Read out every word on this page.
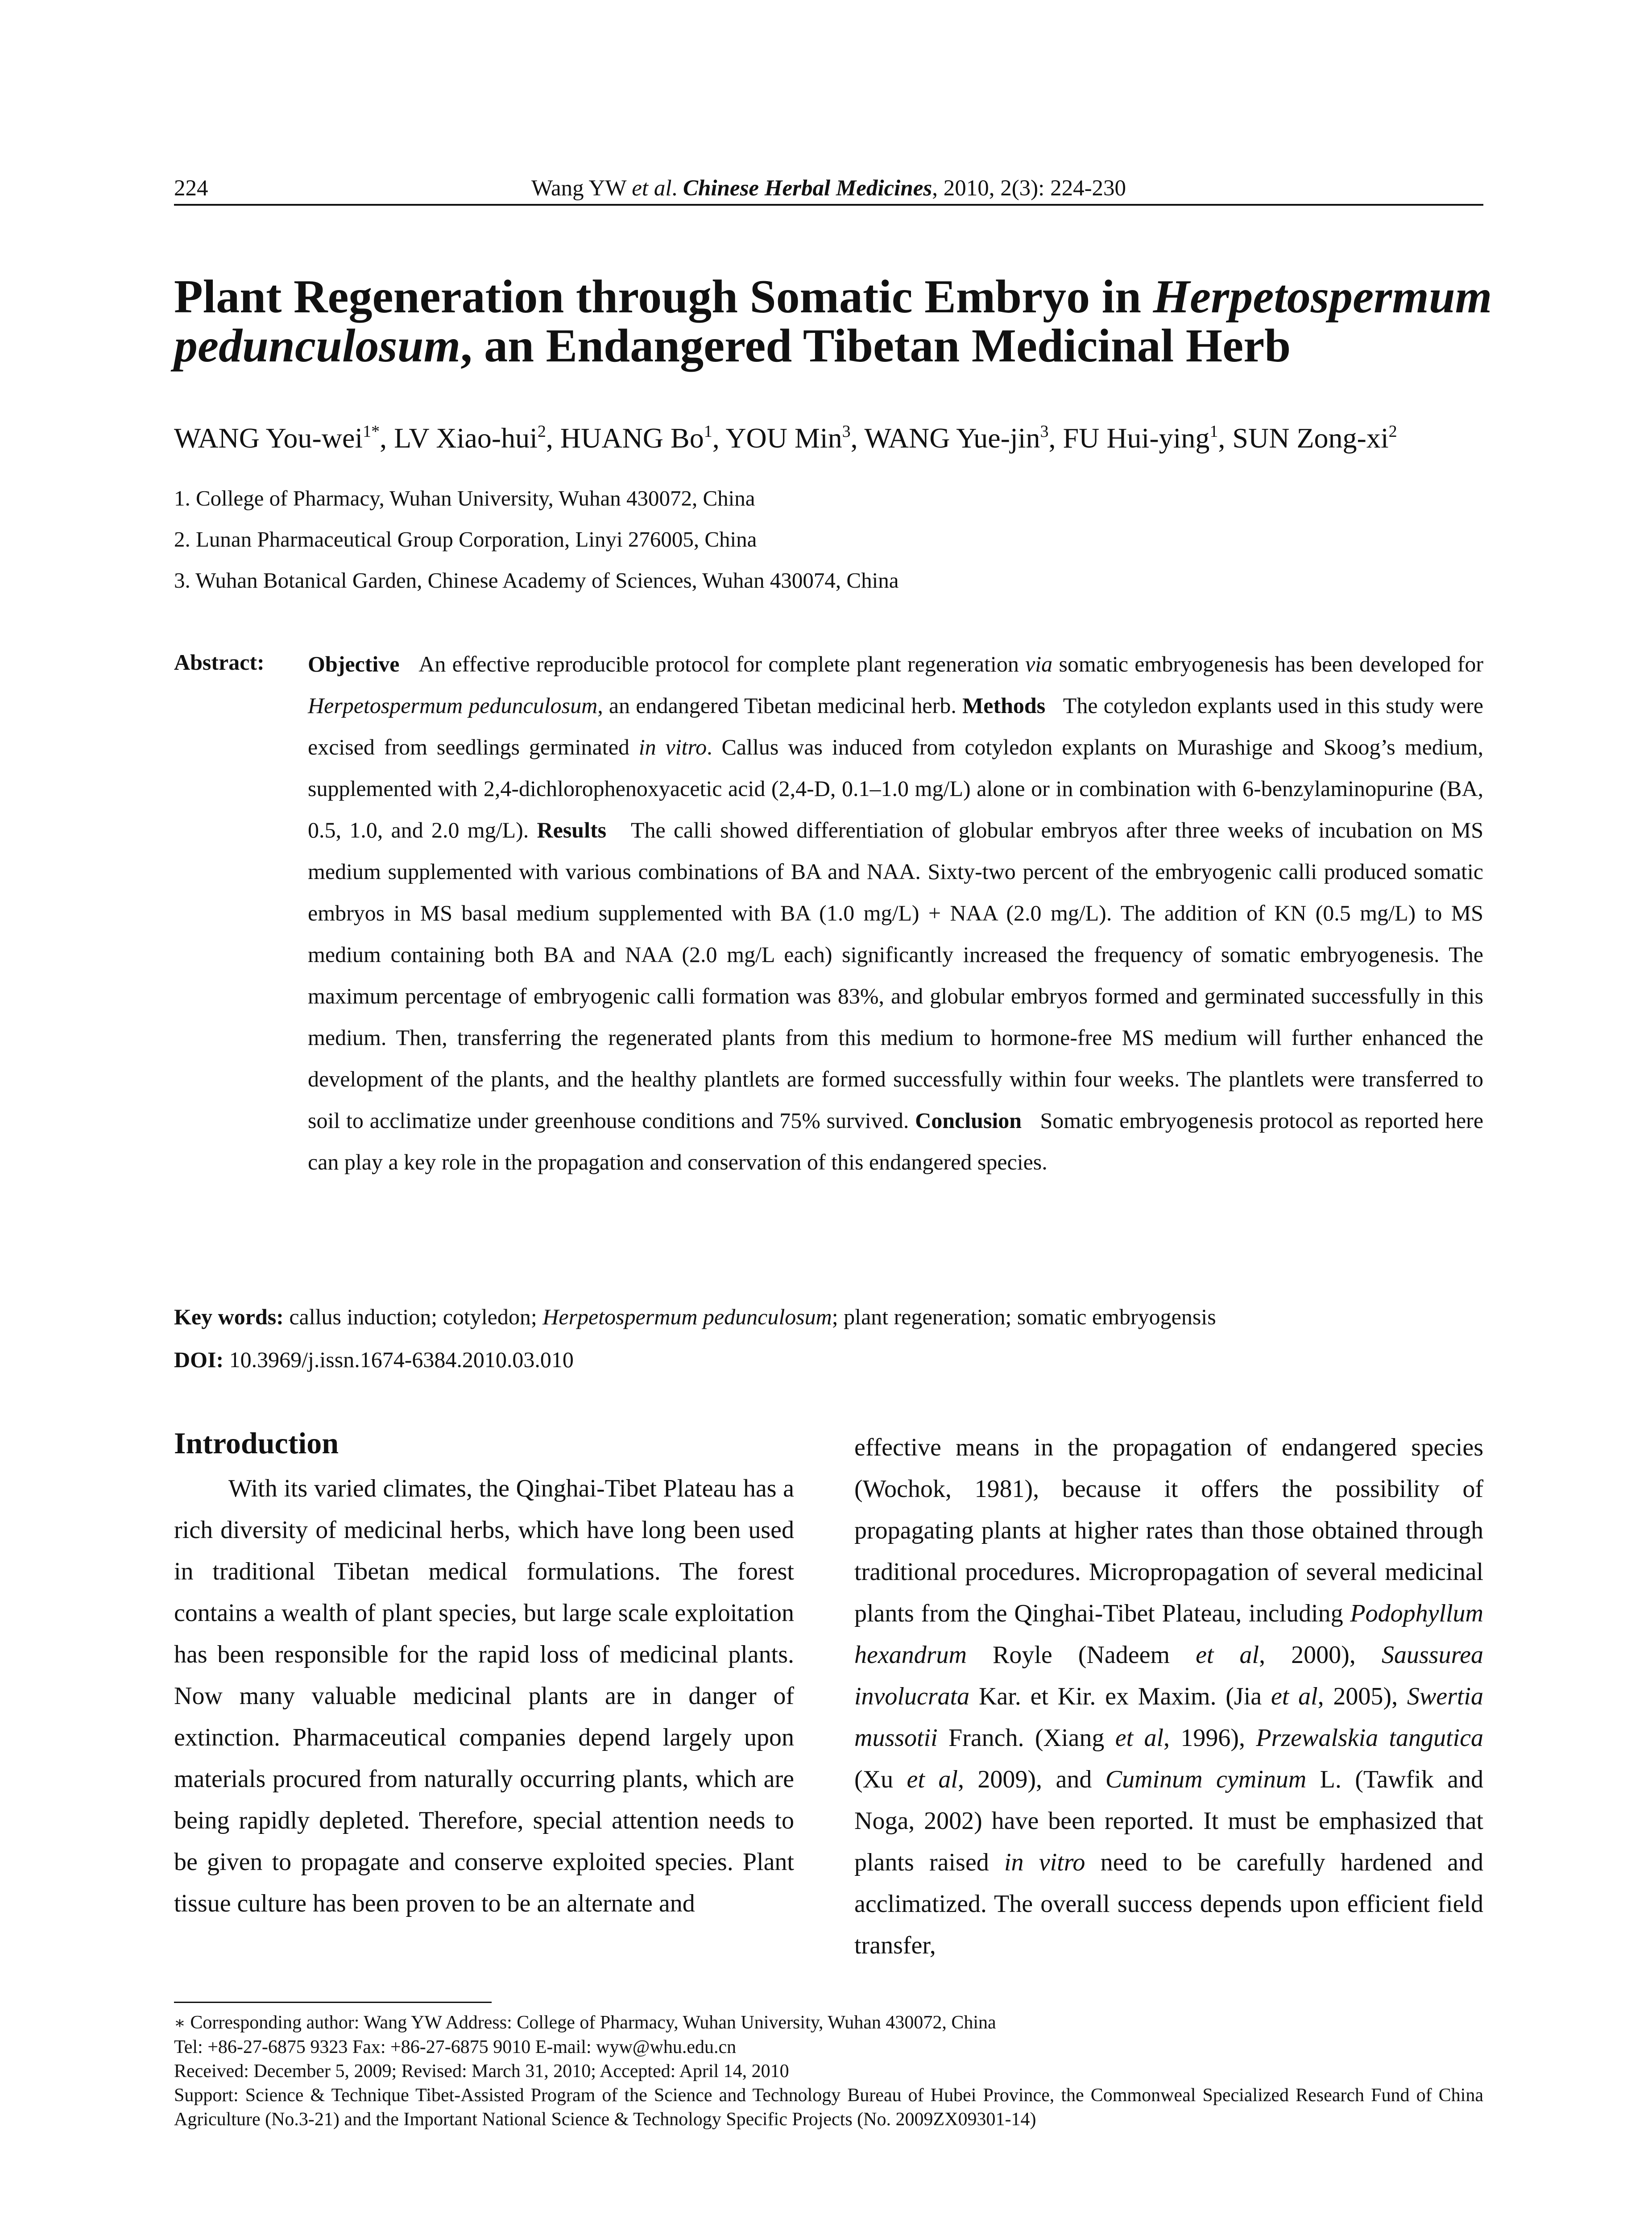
224	Wang YW et al. Chinese Herbal Medicines, 2010, 2(3): 224-230
Plant Regeneration through Somatic Embryo in Herpetospermum
pedunculosum, an Endangered Tibetan Medicinal Herb
WANG You-wei$^{1*}$, LV Xiao-hui$^2$, HUANG Bo$^1$, YOU Min$^3$, WANG Yue-jin$^3$, FU Hui-ying$^1$, SUN Zong-$xi^2$
1. College of Pharmacy, Wuhan University, Wuhan 430072, China
2. Lunan Pharmaceutical Group Corporation, Linyi 276005, China
3. Wuhan Botanical Garden, Chinese Academy of Sciences, Wuhan 430074, China
Abstract: Objective An effective reproducible protocol for complete plant regeneration via somatic embryogenesis has been developed for Herpetospermum pedunculosum, an endangered Tibetan medicinal herb. Methods The cotyledon explants used in this study were excised from seedlings germinated in vitro. Callus was induced from cotyledon explants on Murashige and Skoog’s medium, supplemented with 2,4-dichlorophenoxyacetic acid (2,4-D, 0.1–1.0 mg/L) alone or in combination with 6-benzylaminopurine (BA, 0.5, 1.0, and 2.0 mg/L). Results The calli showed differentiation of globular embryos after three weeks of incubation on MS medium supplemented with various combinations of BA and NAA. Sixty-two percent of the embryogenic calli produced somatic embryos in MS basal medium supplemented with BA (1.0 mg/L) + NAA (2.0 mg/L). The addition of KN (0.5 mg/L) to MS medium containing both BA and NAA (2.0 mg/L each) significantly increased the frequency of somatic embryogenesis. The maximum percentage of embryogenic calli formation was 83%, and globular embryos formed and germinated successfully in this medium. Then, transferring the regenerated plants from this medium to hormone-free MS medium will further enhanced the development of the plants, and the healthy plantlets are formed successfully within four weeks. The plantlets were transferred to soil to acclimatize under greenhouse conditions and 75% survived. Conclusion Somatic embryogenesis protocol as reported here can play a key role in the propagation and conservation of this endangered species.
Key words: callus induction; cotyledon; Herpetospermum pedunculosum; plant regeneration; somatic embryogensis
DOI: 10.3969/j.issn.1674-6384.2010.03.010
Introduction
With its varied climates, the Qinghai-Tibet Plateau has a rich diversity of medicinal herbs, which have long been used in traditional Tibetan medical formulations. The forest contains a wealth of plant species, but large scale exploitation has been responsible for the rapid loss of medicinal plants. Now many valuable medicinal plants are in danger of extinction. Pharmaceutical companies depend largely upon materials procured from naturally occurring plants, which are being rapidly depleted. Therefore, special attention needs to be given to propagate and conserve exploited species. Plant tissue culture has been proven to be an alternate and
effective means in the propagation of endangered species (Wochok, 1981), because it offers the possibility of propagating plants at higher rates than those obtained through traditional procedures. Micropropagation of several medicinal plants from the Qinghai-Tibet Plateau, including Podophyllum hexandrum Royle (Nadeem et al, 2000), Saussurea involucrata Kar. et Kir. ex Maxim. (Jia et al, 2005), Swertia mussotii Franch. (Xiang et al, 1996), Przewalskia tangutica (Xu et al, 2009), and Cuminum cyminum L. (Tawfik and Noga, 2002) have been reported. It must be emphasized that plants raised in vitro need to be carefully hardened and acclimatized. The overall success depends upon efficient field transfer,
∗ Corresponding author: Wang YW Address: College of Pharmacy, Wuhan University, Wuhan 430072, China
Tel: +86-27-6875 9323 Fax: +86-27-6875 9010 E-mail: wyw@whu.edu.cn
Received: December 5, 2009; Revised: March 31, 2010; Accepted: April 14, 2010
Support: Science & Technique Tibet-Assisted Program of the Science and Technology Bureau of Hubei Province, the Commonweal Specialized Research Fund of China Agriculture (No.3-21) and the Important National Science & Technology Specific Projects (No. 2009ZX09301-14)
